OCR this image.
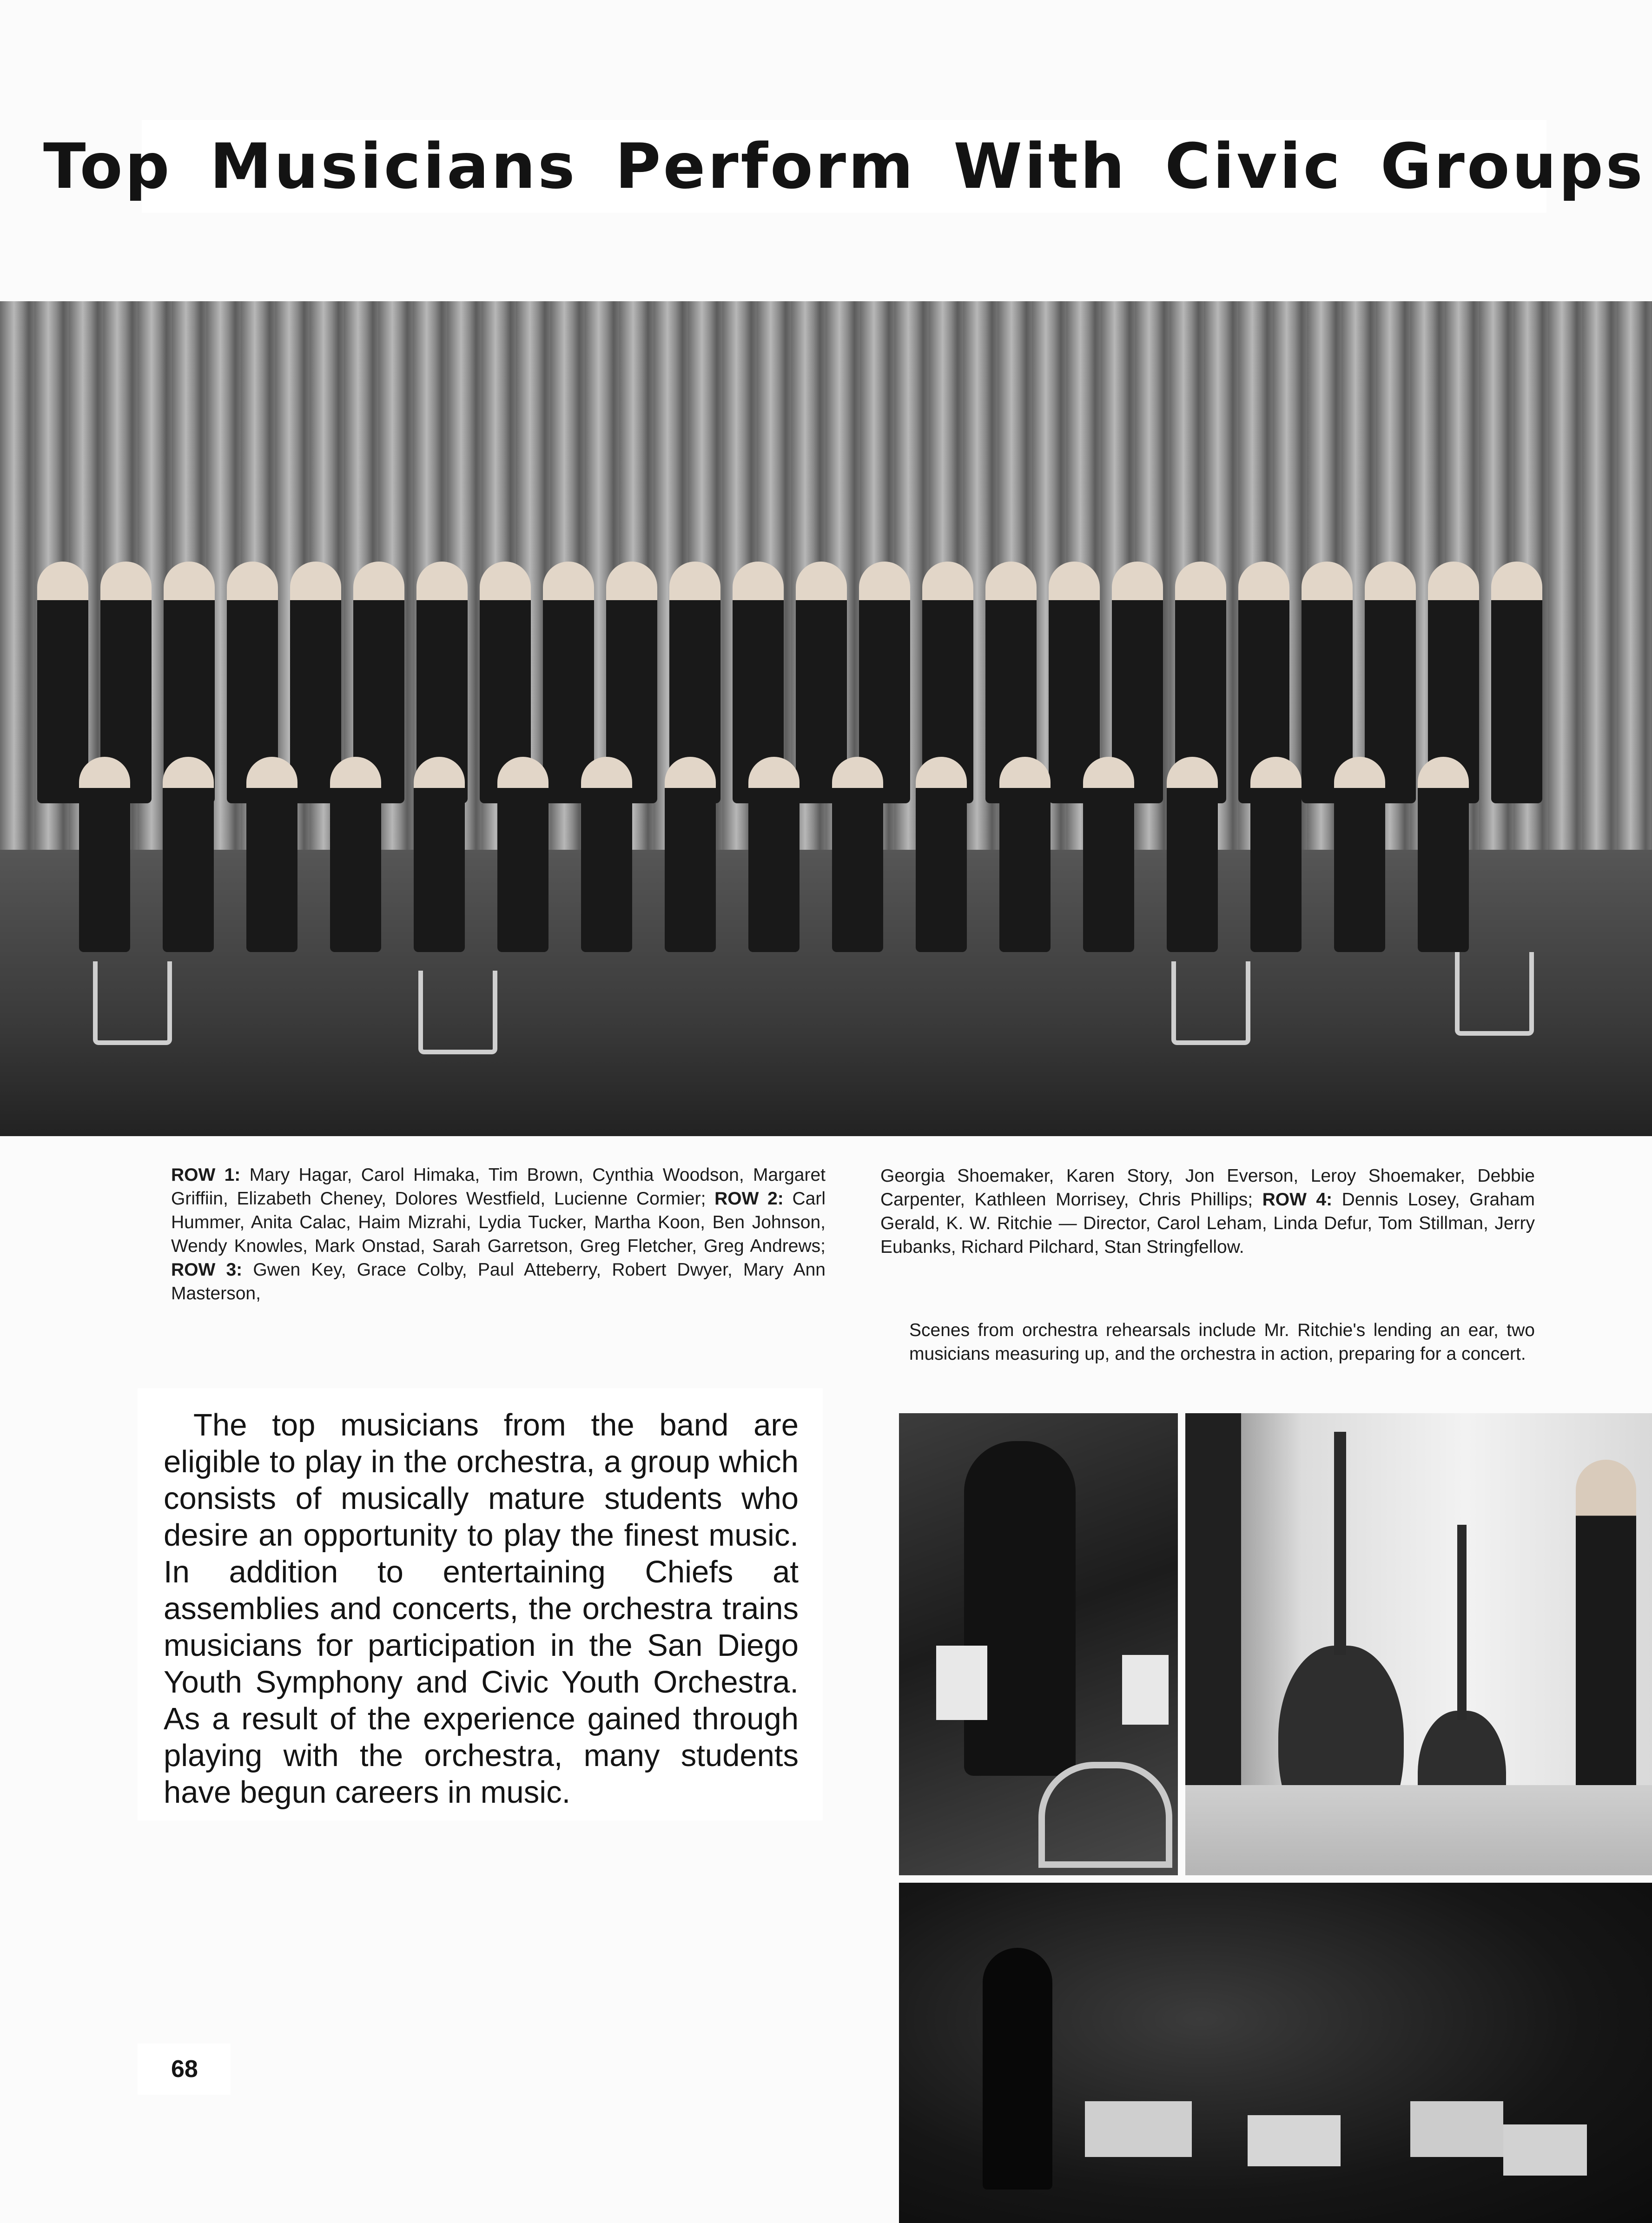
Top Musicians Perform With Civic Groups

ROW 1: Mary Hagar, Carol Himaka, Tim Brown, Cynthia Woodson, Margaret Griffiin, Elizabeth Cheney, Dolores Westfield, Lucienne Cormier; ROW 2: Carl Hummer, Anita Calac, Haim Mizrahi, Lydia Tucker, Martha Koon, Ben Johnson, Wendy Knowles, Mark Onstad, Sarah Garretson, Greg Fletcher, Greg Andrews; ROW 3: Gwen Key, Grace Colby, Paul Atteberry, Robert Dwyer, Mary Ann Masterson,

Georgia Shoemaker, Karen Story, Jon Everson, Leroy Shoemaker, Debbie Carpenter, Kathleen Morrisey, Chris Phillips; ROW 4: Dennis Losey, Graham Gerald, K. W. Ritchie — Director, Carol Leham, Linda Defur, Tom Stillman, Jerry Eubanks, Richard Pilchard, Stan Stringfellow.

Scenes from orchestra rehearsals include Mr. Ritchie's lending an ear, two musicians measuring up, and the orchestra in action, preparing for a concert.

The top musicians from the band are eligible to play in the orchestra, a group which consists of musically mature students who desire an opportunity to play the finest music. In addition to entertaining Chiefs at assemblies and concerts, the orchestra trains musicians for participation in the San Diego Youth Symphony and Civic Youth Orchestra. As a result of the experience gained through playing with the orchestra, many students have begun careers in music.

68
